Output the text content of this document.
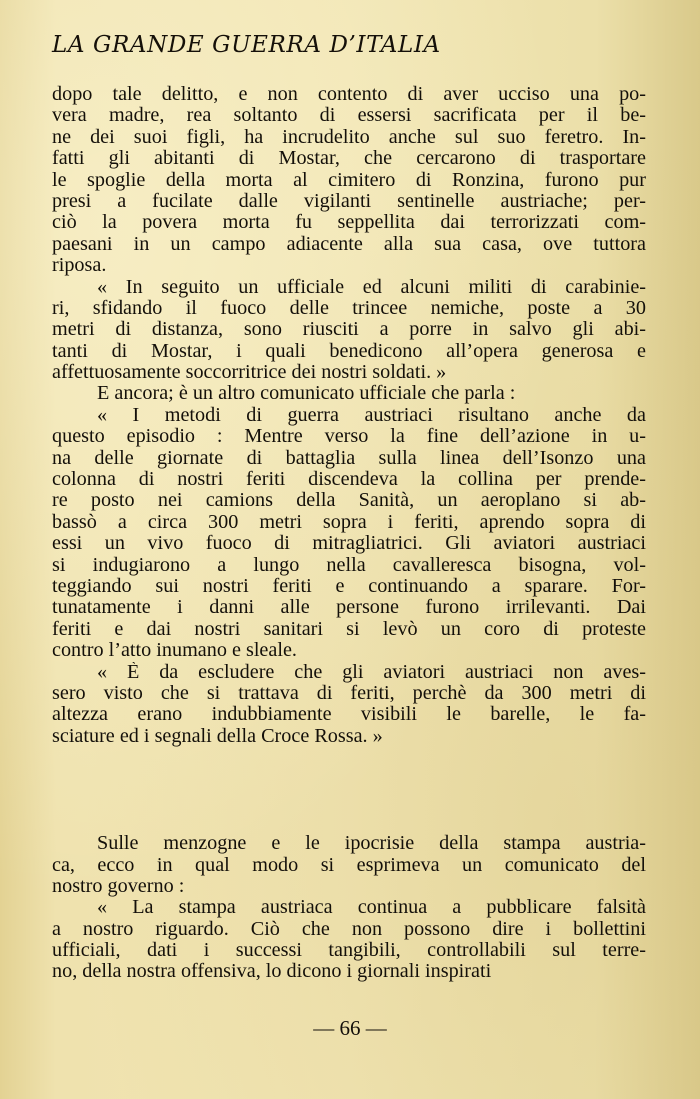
LA GRANDE GUERRA D’ITALIA

dopo tale delitto, e non contento di aver ucciso una po-
vera madre, rea soltanto di essersi sacrificata per il be-
ne dei suoi figli, ha incrudelito anche sul suo feretro. In-
fatti gli abitanti di Mostar, che cercarono di trasportare
le spoglie della morta al cimitero di Ronzina, furono pur
presi a fucilate dalle vigilanti sentinelle austriache; per-
ciò la povera morta fu seppellita dai terrorizzati com-
paesani in un campo adiacente alla sua casa, ove tuttora
riposa.

« In seguito un ufficiale ed alcuni militi di carabinie-
ri, sfidando il fuoco delle trincee nemiche, poste a 30
metri di distanza, sono riusciti a porre in salvo gli abi-
tanti di Mostar, i quali benedicono all’opera generosa e
affettuosamente soccorritrice dei nostri soldati. »

E ancora; è un altro comunicato ufficiale che parla :

« I metodi di guerra austriaci risultano anche da
questo episodio : Mentre verso la fine dell’azione in u-
na delle giornate di battaglia sulla linea dell’Isonzo una
colonna di nostri feriti discendeva la collina per prende-
re posto nei camions della Sanità, un aeroplano si ab-
bassò a circa 300 metri sopra i feriti, aprendo sopra di
essi un vivo fuoco di mitragliatrici. Gli aviatori austriaci
si indugiarono a lungo nella cavalleresca bisogna, vol-
teggiando sui nostri feriti e continuando a sparare. For-
tunatamente i danni alle persone furono irrilevanti. Dai
feriti e dai nostri sanitari si levò un coro di proteste
contro l’atto inumano e sleale.

« È da escludere che gli aviatori austriaci non aves-
sero visto che si trattava di feriti, perchè da 300 metri di
altezza erano indubbiamente visibili le barelle, le fa-
sciature ed i segnali della Croce Rossa. »

Sulle menzogne e le ipocrisie della stampa austria-
ca, ecco in qual modo si esprimeva un comunicato del
nostro governo :

« La stampa austriaca continua a pubblicare falsità
a nostro riguardo. Ciò che non possono dire i bollettini
ufficiali, dati i successi tangibili, controllabili sul terre-
no, della nostra offensiva, lo dicono i giornali inspirati

— 66 —
